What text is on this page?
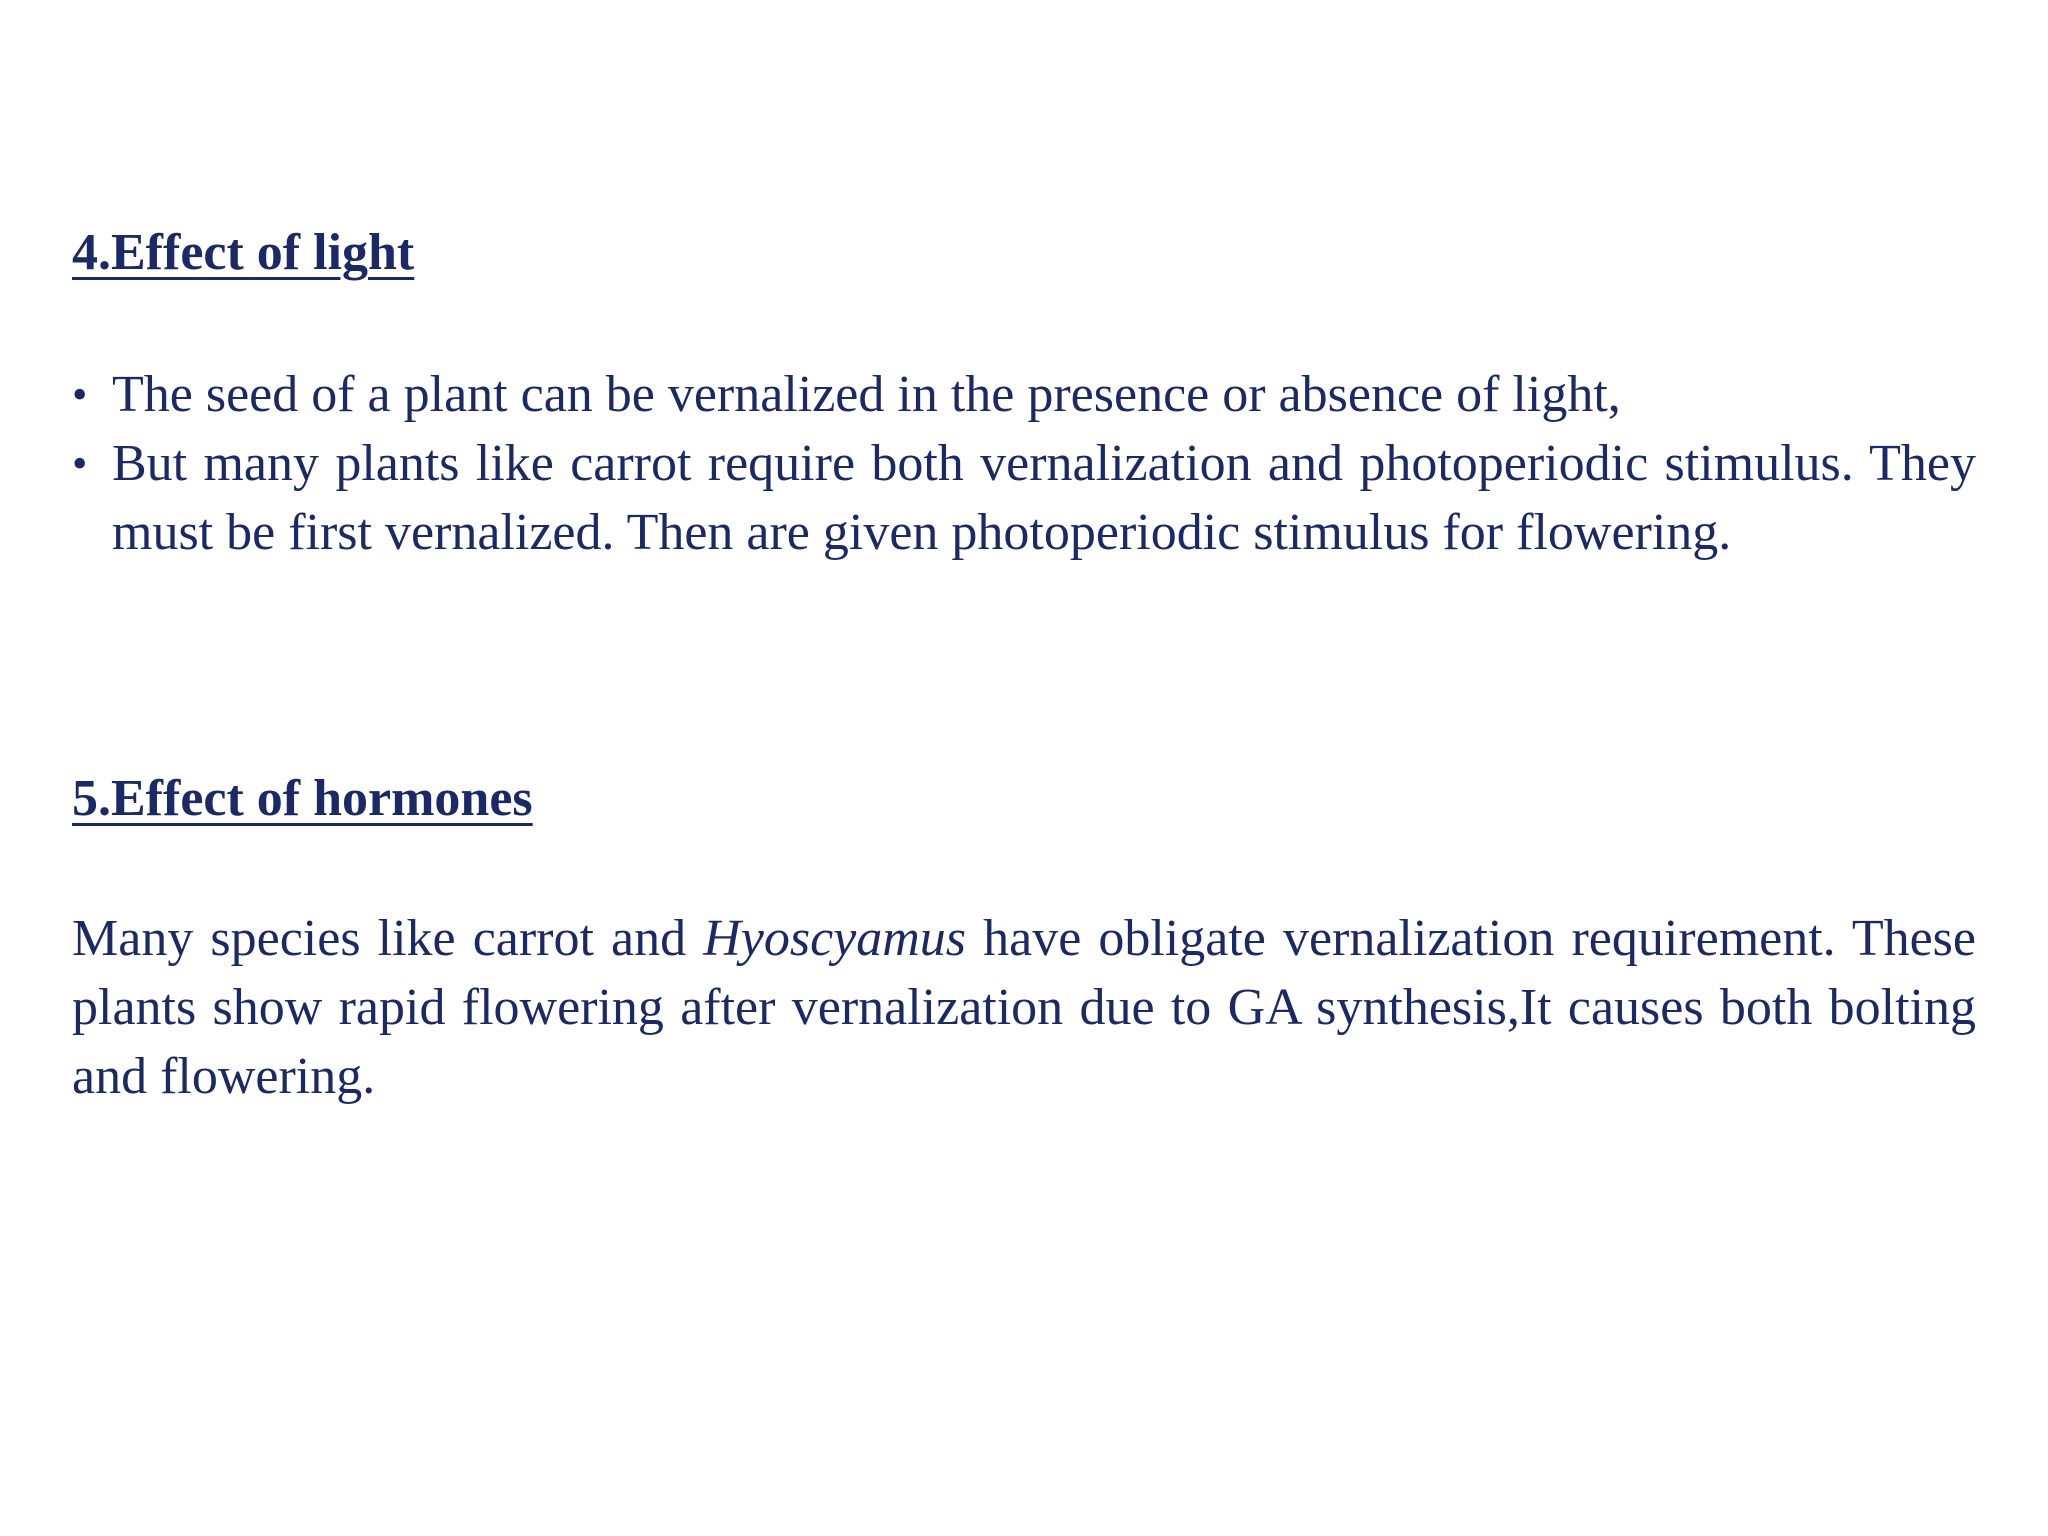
4.Effect of light
• The seed of a plant can be vernalized in the presence or absence of light,
• But many plants like carrot require both vernalization and photoperiodic stimulus. They must be first vernalized. Then are given photoperiodic stimulus for flowering.
5.Effect of hormones

Many species like carrot and Hyoscyamus have obligate vernalization requirement. These plants show rapid flowering after vernalization due to GA synthesis,It causes both bolting and flowering.
